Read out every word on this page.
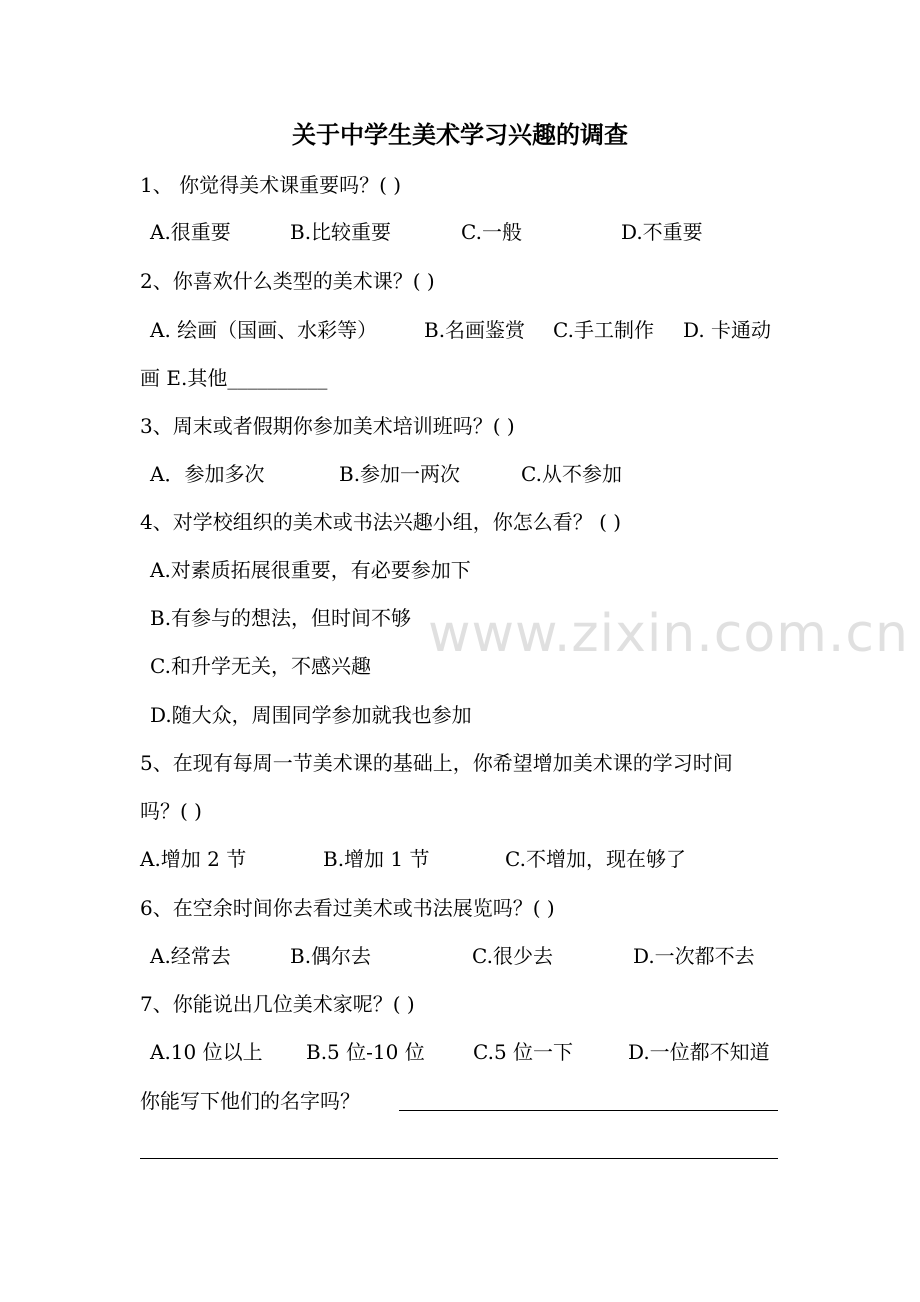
关于中学生美术学习兴趣的调查
1、 你觉得美术课重要吗？( )
A.很重要	B.比较重要	C.一般	D.不重要
2、你喜欢什么类型的美术课？( )
A. 绘画（国画、水彩等） B.名画鉴赏 C.手工制作 D. 卡通动
画 E.其他__________
3、周末或者假期你参加美术培训班吗？( )
A．参加多次	B.参加一两次	C.从不参加
4、对学校组织的美术或书法兴趣小组，你怎么看？ ( )
A.对素质拓展很重要，有必要参加下
B.有参与的想法，但时间不够
C.和升学无关，不感兴趣
D.随大众，周围同学参加就我也参加
5、在现有每周一节美术课的基础上，你希望增加美术课的学习时间
吗？( )
A.增加 2 节	B.增加 1 节	C.不增加，现在够了
6、在空余时间你去看过美术或书法展览吗？( )
A.经常去	B.偶尔去	C.很少去	D.一次都不去
7、你能说出几位美术家呢？( )
A.10 位以上 B.5 位-10 位 C.5 位一下	D.一位都不知道
你能写下他们的名字吗？
www.zixin.com.cn
